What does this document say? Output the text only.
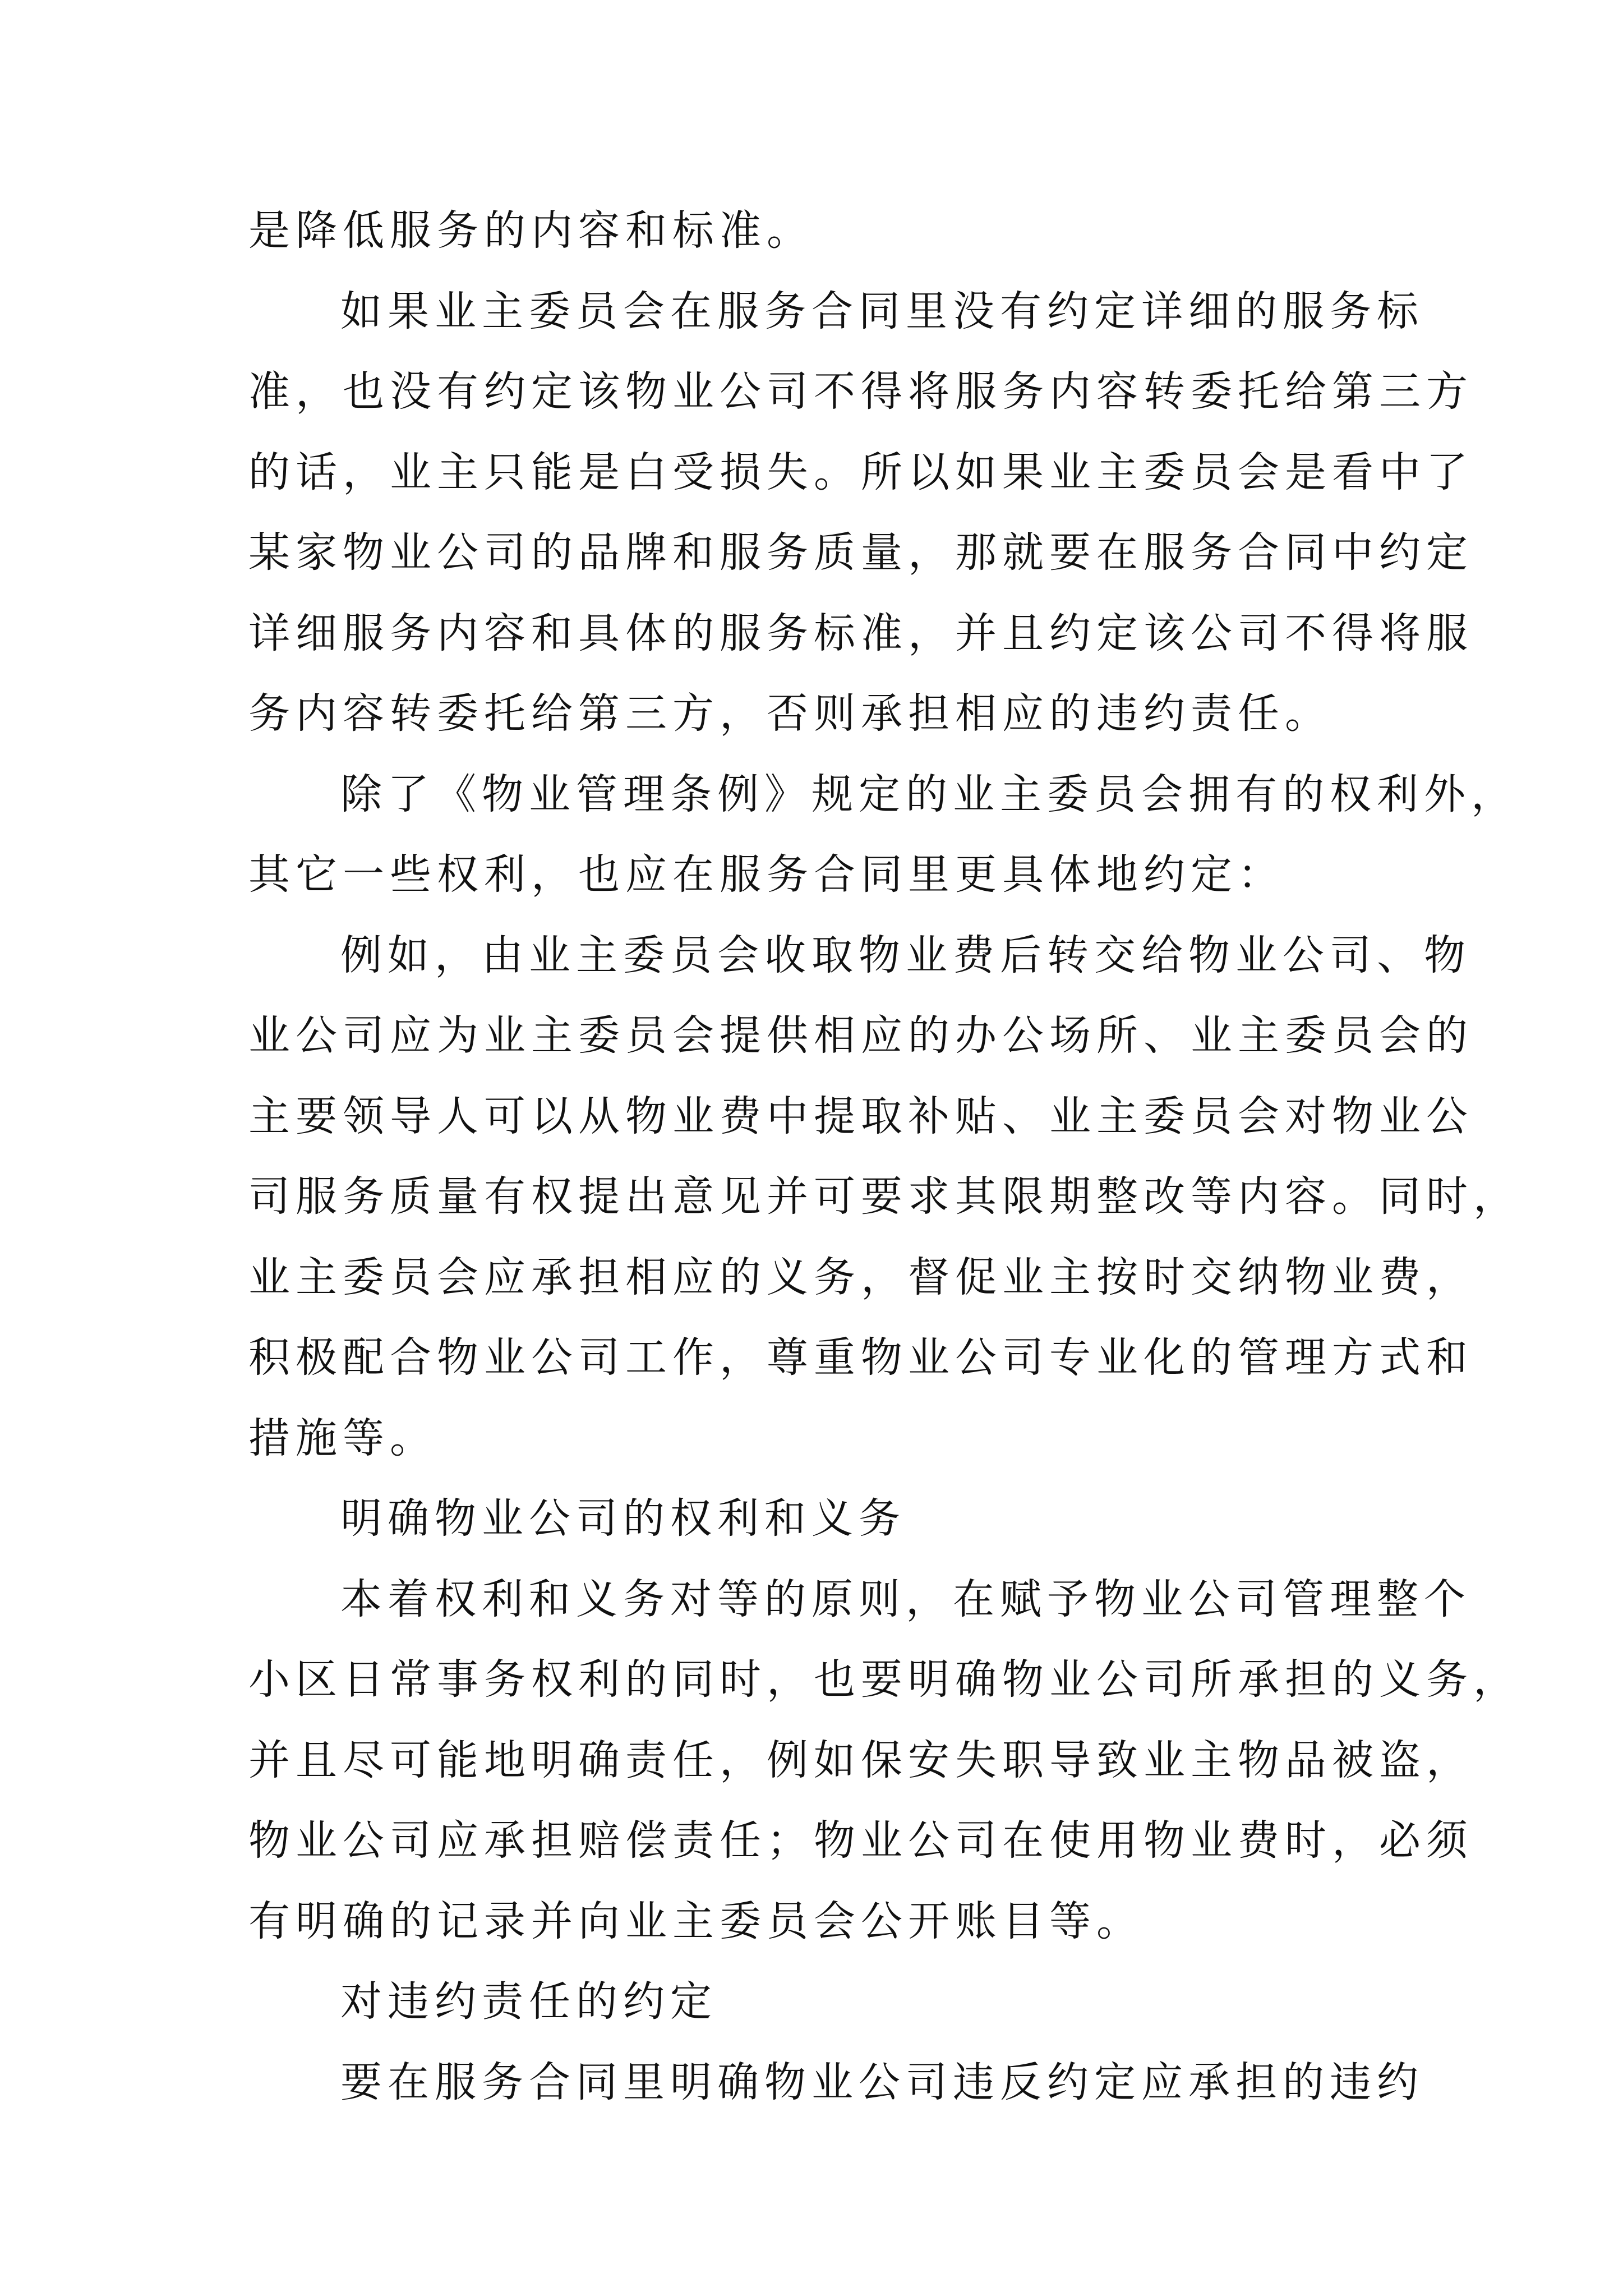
是降低服务的内容和标准。
如果业主委员会在服务合同里没有约定详细的服务标
准，也没有约定该物业公司不得将服务内容转委托给第三方
的话，业主只能是白受损失。所以如果业主委员会是看中了
某家物业公司的品牌和服务质量，那就要在服务合同中约定
详细服务内容和具体的服务标准，并且约定该公司不得将服
务内容转委托给第三方，否则承担相应的违约责任。
除了《物业管理条例》规定的业主委员会拥有的权利外，
其它一些权利，也应在服务合同里更具体地约定：
例如，由业主委员会收取物业费后转交给物业公司、物
业公司应为业主委员会提供相应的办公场所、业主委员会的
主要领导人可以从物业费中提取补贴、业主委员会对物业公
司服务质量有权提出意见并可要求其限期整改等内容。同时，
业主委员会应承担相应的义务，督促业主按时交纳物业费，
积极配合物业公司工作，尊重物业公司专业化的管理方式和
措施等。
明确物业公司的权利和义务
本着权利和义务对等的原则，在赋予物业公司管理整个
小区日常事务权利的同时，也要明确物业公司所承担的义务，
并且尽可能地明确责任，例如保安失职导致业主物品被盗，
物业公司应承担赔偿责任；物业公司在使用物业费时，必须
有明确的记录并向业主委员会公开账目等。
对违约责任的约定
要在服务合同里明确物业公司违反约定应承担的违约
